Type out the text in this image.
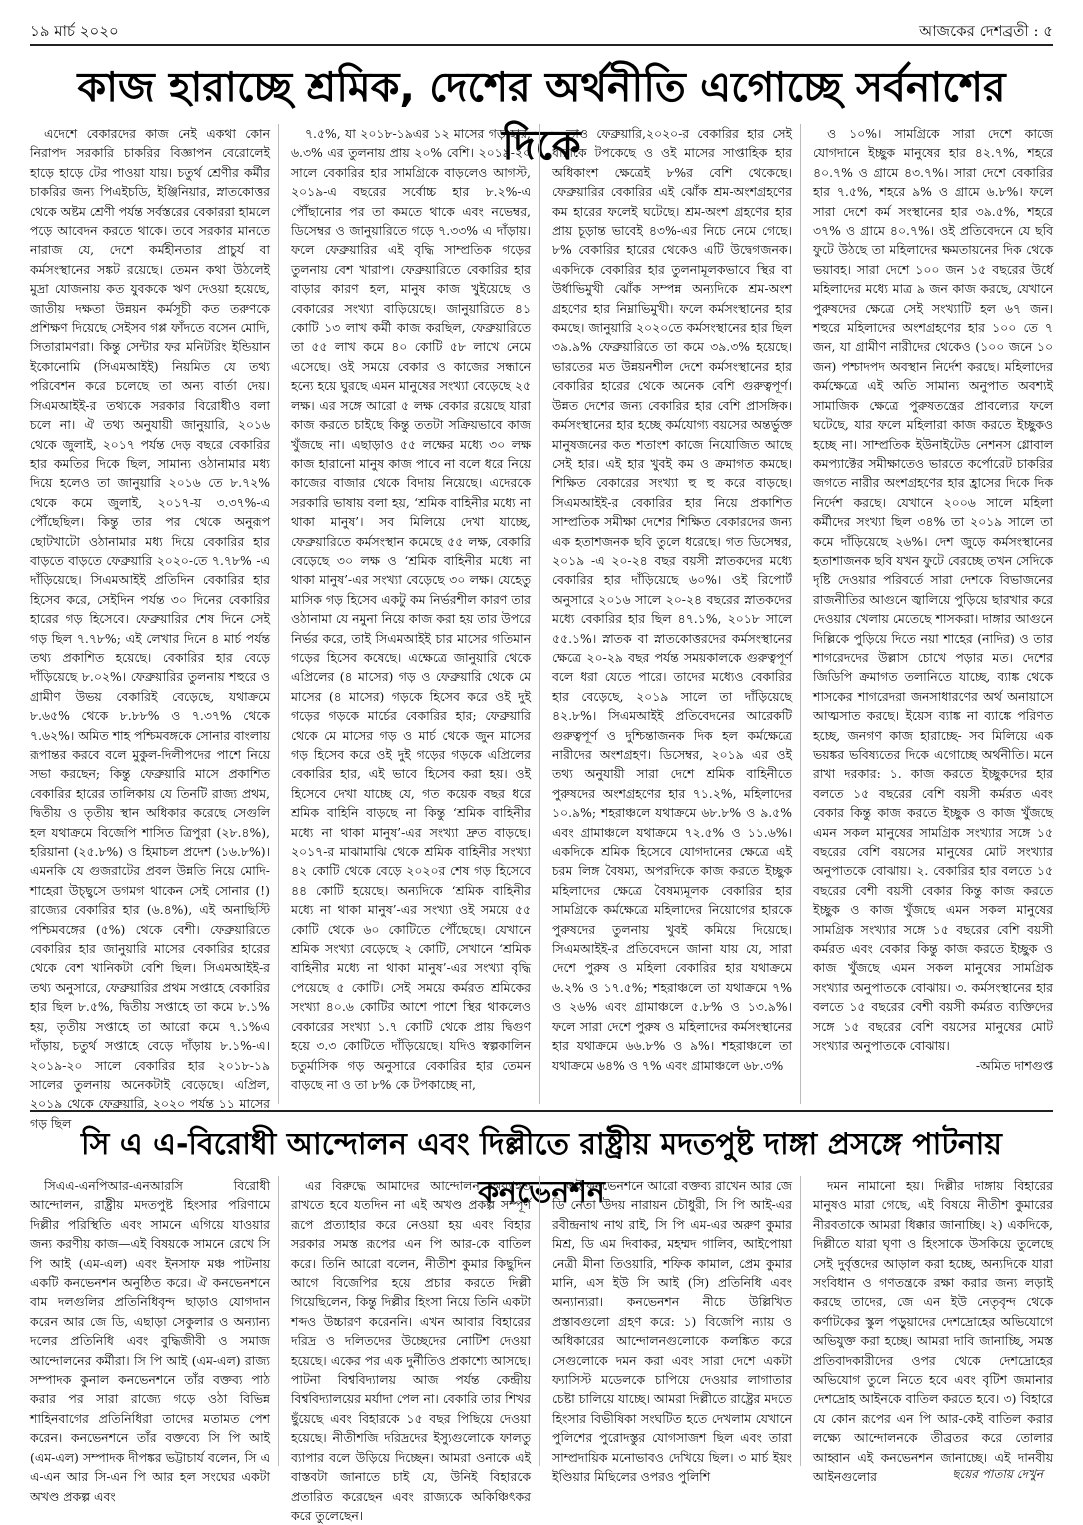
১৯ মার্চ ২০২০	আজকের দেশব্রতী : ৫
কাজ হারাচ্ছে শ্রমিক, দেশের অর্থনীতি এগোচ্ছে সর্বনাশের দিকে

এদেশে বেকারদের কাজ নেই একথা কোন নিরাপদ সরকারি চাকরির বিজ্ঞাপন বেরোলেই হাড়ে হাড়ে টের পাওয়া যায়। চতুর্থ শ্রেণীর কর্মীর চাকরির জন্য পিএইচডি, ইঞ্জিনিয়ার, স্নাতকোত্তর থেকে অষ্টম শ্রেণী পর্যন্ত সর্বস্তরের বেকাররা হামলে পড়ে আবেদন করতে থাকে। তবে সরকার মানতে নারাজ যে, দেশে কর্মহীনতার প্রাচুর্য বা কর্মসংস্থানের সঙ্কট রয়েছে। তেমন কথা উঠলেই মুদ্রা যোজনায় কত যুবককে ঋণ দেওয়া হয়েছে, জাতীয় দক্ষতা উন্নয়ন কর্মসূচী কত তরুণকে প্রশিক্ষণ দিয়েছে সেইসব গপ্প ফাঁদতে বসেন মোদি, সিতারামণরা। কিন্তু সেন্টার ফর মনিটরিং ইন্ডিয়ান ইকোনোমি (সিএমআইই) নিয়মিত যে তথ্য পরিবেশন করে চলেছে তা অন্য বার্তা দেয়। সিএমআইই-র তথ্যকে সরকার বিরোধীও বলা চলে না। ঐ তথ্য অনুযায়ী জানুয়ারি, ২০১৬ থেকে জুলাই, ২০১৭ পর্যন্ত দেড় বছরে বেকারির হার কমতির দিকে ছিল, সামান্য ওঠানামার মধ্য দিয়ে হলেও তা জানুয়ারি ২০১৬ তে ৮.৭২% থেকে কমে জুলাই, ২০১৭-য় ৩.৩৭%-এ পৌঁছেছিল। কিন্তু তার পর থেকে অনুরূপ ছোটখাটো ওঠানামার মধ্য দিয়ে বেকারির হার বাড়তে বাড়তে ফেব্রুয়ারি ২০২০-তে ৭.৭৮% -এ দাঁড়িয়েছে। সিএমআইই প্রতিদিন বেকারির হার হিসেব করে, সেইদিন পর্যন্ত ৩০ দিনের বেকারির হারের গড় হিসেবে। ফেব্রুয়ারির শেষ দিনে সেই গড় ছিল ৭.৭৮%; এই লেখার দিনে ৪ মার্চ পর্যন্ত তথ্য প্রকাশিত হয়েছে। বেকারির হার বেড়ে দাঁড়িয়েছে ৮.০২%। ফেব্রুয়ারির তুলনায় শহুরে ও গ্রামীণ উভয় বেকারিই বেড়েছে, যথাক্রমে ৮.৬৫% থেকে ৮.৮৮% ও ৭.৩৭% থেকে ৭.৬২%। অমিত শাহ পশ্চিমবঙ্গকে সোনার বাংলায় রূপান্তর করবে বলে মুকুল-দিলীপদের পাশে নিয়ে সভা করছেন; কিন্তু ফেব্রুয়ারি মাসে প্রকাশিত বেকারির হারের তালিকায় যে তিনটি রাজ্য প্রথম, দ্বিতীয় ও তৃতীয় স্থান অধিকার করেছে সেগুলি হল যথাক্রমে বিজেপি শাসিত ত্রিপুরা (২৮.৪%), হরিয়ানা (২৫.৮%) ও হিমাচল প্রদেশ (১৬.৮%)। এমনকি যে গুজরাটের প্রবল উন্নতি নিয়ে মোদি-শাহেরা উচ্ছ্বসে ডগমগ থাকেন সেই সোনার (!) রাজ্যের বেকারির হার (৬.৪%), এই অনাছিস্টি পশ্চিমবঙ্গের (৫%) থেকে বেশী। ফেব্রুয়ারিতে বেকারির হার জানুয়ারি মাসের বেকারির হারের থেকে বেশ খানিকটা বেশি ছিল। সিএমআইই-র তথ্য অনুসারে, ফেব্রুয়ারির প্রথম সপ্তাহে বেকারির হার ছিল ৮.৫%, দ্বিতীয় সপ্তাহে তা কমে ৮.১% হয়, তৃতীয় সপ্তাহে তা আরো কমে ৭.১%এ দাঁড়ায়, চতুর্থ সপ্তাহে বেড়ে দাঁড়ায় ৮.১%-এ। ২০১৯-২০ সালে বেকারির হার ২০১৮-১৯ সালের তুলনায় অনেকটাই বেড়েছে। এপ্রিল, ২০১৯ থেকে ফেব্রুয়ারি, ২০২০ পর্যন্ত ১১ মাসের গড় ছিল

৭.৫%, যা ২০১৮-১৯এর ১২ মাসের গড় হার, ৬.৩% এর তুলনায় প্রায় ২০% বেশি। ২০১৯-২০ সালে বেকারির হার সামগ্রিকে বাড়লেও আগস্ট, ২০১৯-এ বছরের সর্বোচ্চ হার ৮.২%-এ পৌঁছানোর পর তা কমতে থাকে এবং নভেম্বর, ডিসেম্বর ও জানুয়ারিতে গড়ে ৭.৩৩% এ দাঁড়ায়। ফলে ফেব্রুয়ারির এই বৃদ্ধি সাম্প্রতিক গড়ের তুলনায় বেশ খারাপ। ফেব্রুয়ারিতে বেকারির হার বাড়ার কারণ হল, মানুষ কাজ খুইয়েছে ও বেকারের সংখ্যা বাড়িয়েছে। জানুয়ারিতে ৪১ কোটি ১৩ লাখ কর্মী কাজ করছিল, ফেব্রুয়ারিতে তা ৫৫ লাখ কমে ৪০ কোটি ৫৮ লাখে নেমে এসেছে। ওই সময়ে বেকার ও কাজের সন্ধানে হন্যে হয়ে ঘুরছে এমন মানুষের সংখ্যা বেড়েছে ২৫ লক্ষ। এর সঙ্গে আরো ৫ লক্ষ বেকার রয়েছে যারা কাজ করতে চাইছে কিন্তু ততটা সক্রিয়ভাবে কাজ খুঁজছে না। এছাড়াও ৫৫ লক্ষের মধ্যে ৩০ লক্ষ কাজ হারানো মানুষ কাজ পাবে না বলে ধরে নিয়ে কাজের বাজার থেকে বিদায় নিয়েছে। এদেরকে সরকারি ভাষায় বলা হয়, ‘শ্রমিক বাহিনীর মধ্যে না থাকা মানুষ’। সব মিলিয়ে দেখা যাচ্ছে, ফেব্রুয়ারিতে কর্মসংস্থান কমেছে ৫৫ লক্ষ, বেকারি বেড়েছে ৩০ লক্ষ ও ‘শ্রমিক বাহিনীর মধ্যে না থাকা মানুষ’-এর সংখ্যা বেড়েছে ৩০ লক্ষ। যেহেতু মাসিক গড় হিসেব একটু কম নির্ভরশীল কারণ তার ওঠানামা যে নমুনা নিয়ে কাজ করা হয় তার উপরে নির্ভর করে, তাই সিএমআইই চার মাসের গতিমান গড়ের হিসেব কষেছে। এক্ষেত্রে জানুয়ারি থেকে এপ্রিলের (৪ মাসের) গড় ও ফেব্রুয়ারি থেকে মে মাসের (৪ মাসের) গড়কে হিসেব করে ওই দুই গড়ের গড়কে মার্চের বেকারির হার; ফেব্রুয়ারি থেকে মে মাসের গড় ও মার্চ থেকে জুন মাসের গড় হিসেব করে ওই দুই গড়ের গড়কে এপ্রিলের বেকারির হার, এই ভাবে হিসেব করা হয়। ওই হিসেবে দেখা যাচ্ছে যে, গত কয়েক বছর ধরে শ্রমিক বাহিনি বাড়ছে না কিন্তু ‘শ্রমিক বাহিনীর মধ্যে না থাকা মানুষ’-এর সংখ্যা দ্রুত বাড়ছে। ২০১৭-র মাঝামাঝি থেকে শ্রমিক বাহিনীর সংখ্যা ৪২ কোটি থেকে বেড়ে ২০২০র শেষ গড় হিসেবে ৪৪ কোটি হয়েছে। অন্যদিকে ‘শ্রমিক বাহিনীর মধ্যে না থাকা মানুষ’-এর সংখ্যা ওই সময়ে ৫৫ কোটি থেকে ৬০ কোটিতে পৌঁছেছে। যেখানে শ্রমিক সংখ্যা বেড়েছে ২ কোটি, সেখানে ‘শ্রমিক বাহিনীর মধ্যে না থাকা মানুষ’-এর সংখ্যা বৃদ্ধি পেয়েছে ৫ কোটি। সেই সময়ে কর্মরত শ্রমিকের সংখ্যা ৪০.৬ কোটির আশে পাশে স্থির থাকলেও বেকারের সংখ্যা ১.৭ কোটি থেকে প্রায় দ্বিগুণ হয়ে ৩.৩ কোটিতে দাঁড়িয়েছে। যদিও স্বল্পকালিন চতুর্মাসিক গড় অনুসারে বেকারির হার তেমন বাড়ছে না ও তা ৮% কে টপকাচ্ছে না,

তাও ফেব্রুয়ারি,২০২০-র বেকারির হার সেই ধারাকে টপকেছে ও ওই মাসের সাপ্তাহিক হার অধিকাংশ ক্ষেত্রেই ৮%র বেশি থেকেছে। ফেব্রুয়ারির বেকারির এই ঝোঁক শ্রম-অংশগ্রহণের কম হারের ফলেই ঘটেছে। শ্রম-অংশ গ্রহণের হার প্রায় চূড়ান্ত ভাবেই ৪৩%-এর নিচে নেমে গেছে। ৮% বেকারির হারের থেকেও এটি উদ্বেগজনক। একদিকে বেকারির হার তুলনামূলকভাবে স্থির বা উর্ধাভিমুখী ঝোঁক সম্পন্ন অন্যদিকে শ্রম-অংশ গ্রহণের হার নিম্নাভিমুখী। ফলে কর্মসংস্থানের হার কমছে। জানুয়ারি ২০২০তে কর্মসংস্থানের হার ছিল ৩৯.৯% ফেব্রুয়ারিতে তা কমে ৩৯.৩% হয়েছে। ভারতের মত উন্নয়নশীল দেশে কর্মসংস্থানের হার বেকারির হারের থেকে অনেক বেশি গুরুত্বপূর্ণ। উন্নত দেশের জন্য বেকারির হার বেশি প্রাসঙ্গিক। কর্মসংস্থানের হার হচ্ছে কর্মযোগ্য বয়সের অন্তর্ভুক্ত মানুষজনের কত শতাংশ কাজে নিযোজিত আছে সেই হার। এই হার খুবই কম ও ক্রমাগত কমছে। শিক্ষিত বেকারের সংখ্যা হু হু করে বাড়ছে। সিএমআইই-র বেকারির হার নিয়ে প্রকাশিত সাম্প্রতিক সমীক্ষা দেশের শিক্ষিত বেকারদের জন্য এক হতাশজনক ছবি তুলে ধরেছে। গত ডিসেম্বর, ২০১৯ -এ ২০-২৪ বছর বয়সী স্নাতকদের মধ্যে বেকারির হার দাঁড়িয়েছে ৬০%। ওই রিপোর্ট অনুসারে ২০১৬ সালে ২০-২৪ বছরের স্নাতকদের মধ্যে বেকারির হার ছিল ৪৭.১%, ২০১৮ সালে ৫৫.১%। স্নাতক বা স্নাতকোত্তরদের কর্মসংস্থানের ক্ষেত্রে ২০-২৯ বছর পর্যন্ত সময়কালকে গুরুত্বপূর্ণ বলে ধরা যেতে পারে। তাদের মধ্যেও বেকারির হার বেড়েছে, ২০১৯ সালে তা দাঁড়িয়েছে ৪২.৮%। সিএমআইই প্রতিবেদনের আরেকটি গুরুত্বপূর্ণ ও দুশ্চিন্তাজনক দিক হল কর্মক্ষেত্রে নারীদের অংশগ্রহণ। ডিসেম্বর, ২০১৯ এর ওই তথ্য অনুযায়ী সারা দেশে শ্রমিক বাহিনীতে পুরুষদের অংশগ্রহণের হার ৭১.২%, মহিলাদের ১০.৯%; শহরাঞ্চলে যথাক্রমে ৬৮.৮% ও ৯.৫% এবং গ্রামাঞ্চলে যথাক্রমে ৭২.৫% ও ১১.৬%। একদিকে শ্রমিক হিসেবে যোগদানের ক্ষেত্রে এই চরম লিঙ্গ বৈষম্য, অপরদিকে কাজ করতে ইচ্ছুক মহিলাদের ক্ষেত্রে বৈষম্যমূলক বেকারির হার সামগ্রিকে কর্মক্ষেত্রে মহিলাদের নিয়োগের হারকে পুরুষদের তুলনায় খুবই কমিয়ে দিয়েছে। সিএমআইই-র প্রতিবেদনে জানা যায় যে, সারা দেশে পুরুষ ও মহিলা বেকারির হার যথাক্রমে ৬.২% ও ১৭.৫%; শহরাঞ্চলে তা যথাক্রমে ৭% ও ২৬% এবং গ্রামাঞ্চলে ৫.৮% ও ১৩.৯%। ফলে সারা দেশে পুরুষ ও মহিলাদের কর্মসংস্থানের হার যথাক্রমে ৬৬.৮% ও ৯%। শহরাঞ্চলে তা যথাক্রমে ৬৪% ও ৭% এবং গ্রামাঞ্চলে ৬৮.৩%

ও ১০%। সামগ্রিকে সারা দেশে কাজে যোগদানে ইচ্ছুক মানুষের হার ৪২.৭%, শহরে ৪০.৭% ও গ্রামে ৪৩.৭%। সারা দেশে বেকারির হার ৭.৫%, শহরে ৯% ও গ্রামে ৬.৮%। ফলে সারা দেশে কর্ম সংস্থানের হার ৩৯.৫%, শহরে ৩৭% ও গ্রামে ৪০.৭%। ওই প্রতিবেদনে যে ছবি ফুটে উঠছে তা মহিলাদের ক্ষমতায়নের দিক থেকে ভয়াবহ। সারা দেশে ১০০ জন ১৫ বছরের উর্ধে মহিলাদের মধ্যে মাত্র ৯ জন কাজ করছে, যেখানে পুরুষদের ক্ষেত্রে সেই সংখ্যাটি হল ৬৭ জন। শহুরে মহিলাদের অংশগ্রহণের হার ১০০ তে ৭ জন, যা গ্রামীণ নারীদের থেকেও (১০০ জনে ১০ জন) পশ্চাদপদ অবস্থান নির্দেশ করছে। মহিলাদের কর্মক্ষেত্রে এই অতি সামান্য অনুপাত অবশ্যই সামাজিক ক্ষেত্রে পুরুষতন্ত্রের প্রাবল্যের ফলে ঘটেছে, যার ফলে মহিলারা কাজ করতে ইচ্ছুকও হচ্ছে না। সাম্প্রতিক ইউনাইটেড নেশনস গ্লোবাল কমপ্যাক্টের সমীক্ষাতেও ভারতে কর্পোরেট চাকরির জগতে নারীর অংশগ্রহণের হার হ্রাসের দিকে দিক নির্দেশ করছে। যেখানে ২০০৬ সালে মহিলা কর্মীদের সংখ্যা ছিল ৩৪% তা ২০১৯ সালে তা কমে দাঁড়িয়েছে ২৬%। দেশ জুড়ে কর্মসংস্থানের হতাশাজনক ছবি যখন ফুটে বেরচ্ছে তখন সেদিকে দৃষ্টি দেওয়ার পরিবর্তে সারা দেশকে বিভাজনের রাজনীতির আগুনে জ্বালিয়ে পুড়িয়ে ছারখার করে দেওয়ার খেলায় মেতেছে শাসকরা। দাঙ্গার আগুনে দিল্লিকে পুড়িয়ে দিতে নয়া শাহের (নাদির) ও তার শাগরেদদের উল্লাস চোখে পড়ার মত। দেশের জিডিপি ক্রমাগত তলানিতে যাচ্ছে, ব্যাঙ্ক থেকে শাসকের শাগরেদরা জনসাধারণের অর্থ অনায়াসে আত্মসাত করছে। ইয়েস ব্যাঙ্ক না ব্যাঙ্কে পরিণত হচ্ছে, জনগণ কাজ হারাচ্ছে- সব মিলিয়ে এক ভয়ঙ্কর ভবিষ্যতের দিকে এগোচ্ছে অর্থনীতি। মনে রাখা দরকার: ১. কাজ করতে ইচ্ছুকদের হার বলতে ১৫ বছরের বেশি বয়সী কর্মরত এবং বেকার কিন্তু কাজ করতে ইচ্ছুক ও কাজ খুঁজছে এমন সকল মানুষের সামগ্রিক সংখ্যার সঙ্গে ১৫ বছরের বেশি বয়সের মানুষের মোট সংখ্যার অনুপাতকে বোঝায়। ২. বেকারির হার বলতে ১৫ বছরের বেশী বয়সী বেকার কিন্তু কাজ করতে ইচ্ছুক ও কাজ খুঁজছে এমন সকল মানুষের সামগ্রিক সংখ্যার সঙ্গে ১৫ বছরের বেশি বয়সী কর্মরত এবং বেকার কিন্তু কাজ করতে ইচ্ছুক ও কাজ খুঁজছে এমন সকল মানুষের সামগ্রিক সংখ্যার অনুপাতকে বোঝায়। ৩. কর্মসংস্থানের হার বলতে ১৫ বছরের বেশী বয়সী কর্মরত ব্যক্তিদের সঙ্গে ১৫ বছরের বেশি বয়সের মানুষের মোট সংখ্যার অনুপাতকে বোঝায়।

-অমিত দাশগুপ্ত
সি এ এ-বিরোধী আন্দোলন এবং দিল্লীতে রাষ্ট্রীয় মদতপুষ্ট দাঙ্গা প্রসঙ্গে পাটনায় কনভেনশন

সিএএ-এনপিআর-এনআরসি বিরোধী আন্দোলন, রাষ্ট্রীয় মদতপুষ্ট হিংসার পরিণামে দিল্লীর পরিস্থিতি এবং সামনে এগিয়ে যাওয়ার জন্য করণীয় কাজ—এই বিষয়কে সামনে রেখে সি পি আই (এম-এল) এবং ইনসাফ মঞ্চ পাটনায় একটি কনভেনশন অনুষ্ঠিত করে। ঐ কনভেনশনে বাম দলগুলির প্রতিনিধিবৃন্দ ছাড়াও যোগদান করেন আর জে ডি, এছাড়া সেকুলার ও অন্যান্য দলের প্রতিনিধি এবং বুদ্ধিজীবী ও সমাজ আন্দোলনের কর্মীরা। সি পি আই (এম-এল) রাজ্য সম্পাদক কুনাল কনভেনশনে তাঁর বক্তব্য পাঠ করার পর সারা রাজ্যে গড়ে ওঠা বিভিন্ন শাহিনবাগের প্রতিনিধিরা তাদের মতামত পেশ করেন। কনভেনশনে তাঁর বক্তব্যে সি পি আই (এম-এল) সম্পাদক দীপঙ্কর ভট্টাচার্য বলেন, সি এ এ-এন আর সি-এন পি আর হল সংঘের একটা অখণ্ড প্রকল্প এবং

এর বিরুদ্ধে আমাদের আন্দোলন অব্যাহত রাখতে হবে যতদিন না এই অখণ্ড প্রকল্প সম্পূর্ণ রূপে প্রত্যাহার করে নেওয়া হয় এবং বিহার সরকার সমস্ত রূপের এন পি আর-কে বাতিল করে। তিনি আরো বলেন, নীতীশ কুমার কিছুদিন আগে বিজেপির হয়ে প্রচার করতে দিল্লী গিয়েছিলেন, কিন্তু দিল্লীর হিংসা নিয়ে তিনি একটা শব্দও উচ্চারণ করেননি। এখন আবার বিহারের দরিদ্র ও দলিতদের উচ্ছেদের নোটিশ দেওয়া হয়েছে। একের পর এক দুর্নীতিও প্রকাশ্যে আসছে। পাটনা বিশ্ববিদ্যালয় আজ পর্যন্ত কেন্দ্রীয় বিশ্ববিদ্যালয়ের মর্যাদা পেল না। বেকারি তার শিখর ছুঁয়েছে এবং বিহারকে ১৫ বছর পিছিয়ে দেওয়া হয়েছে। নীতীশজি দরিদ্রদের ইস্যুগুলোকে ফালতু ব্যাপার বলে উড়িয়ে দিচ্ছেন। আমরা ওনাকে এই বাস্তবটা জানাতে চাই যে, উনিই বিহারকে প্রতারিত করেছেন এবং রাজ্যকে অকিঞ্চিৎকর করে তুলেছেন।

এই কনভেনশনে আরো বক্তব্য রাখেন আর জে ডি নেতা উদয় নারায়ন চৌধুরী, সি পি আই-এর রবীন্দ্রনাথ নাথ রাই, সি পি এম-এর অরুণ কুমার মিশ্র, ডি এম দিবাকর, মহম্মদ গালিব, আইপোয়া নেত্রী মীনা তিওয়ারি, শফিক কামাল, প্রেম কুমার মানি, এস ইউ সি আই (সি) প্রতিনিধি এবং অন্যান্যরা। কনভেনশন নীচে উল্লিখিত প্রস্তাবগুলো গ্রহণ করে: ১) বিজেপি ন্যায় ও অধিকারের আন্দোলনগুলোকে কলঙ্কিত করে সেগুলোকে দমন করা এবং সারা দেশে একটা ফ্যাসিস্ট মডেলকে চাপিয়ে দেওয়ার লাগাতার চেষ্টা চালিয়ে যাচ্ছে। আমরা দিল্লীতে রাষ্ট্রের মদতে হিংসার বিভীষিকা সংঘটিত হতে দেখলাম যেখানে পুলিশের পুরোদস্তুর যোগসাজশ ছিল এবং তারা সাম্প্রদায়িক মনোভাবও দেখিয়ে ছিল। ৩ মার্চ ইয়ং ইণ্ডিয়ার মিছিলের ওপরও পুলিশি

দমন নামানো হয়। দিল্লীর দাঙ্গায় বিহারের মানুষও মারা গেছে, এই বিষয়ে নীতীশ কুমারের নীরবতাকে আমরা ধিক্কার জানাচ্ছি। ২) একদিকে, দিল্লীতে যারা ঘৃণা ও হিংসাকে উসকিয়ে তুলেছে সেই দুর্বৃত্তদের আড়াল করা হচ্ছে, অন্যদিকে যারা সংবিধান ও গণতন্ত্রকে রক্ষা করার জন্য লড়াই করছে তাদের, জে এন ইউ নেতৃবৃন্দ থেকে কর্ণাটকের স্কুল পড়ুয়াদের দেশদ্রোহের অভিযোগে অভিযুক্ত করা হচ্ছে। আমরা দাবি জানাচ্ছি, সমস্ত প্রতিবাদকারীদের ওপর থেকে দেশদ্রোহের অভিযোগ তুলে নিতে হবে এবং বৃটিশ জমানার দেশদ্রোহ আইনকে বাতিল করতে হবে। ৩) বিহারে যে কোন রূপের এন পি আর-কেই বাতিল করার লক্ষ্যে আন্দোলনকে তীব্রতর করে তোলার আহ্বান এই কনভেনশন জানাচ্ছে। এই দানবীয় আইনগুলোর	ছয়ের পাতায় দেখুন
